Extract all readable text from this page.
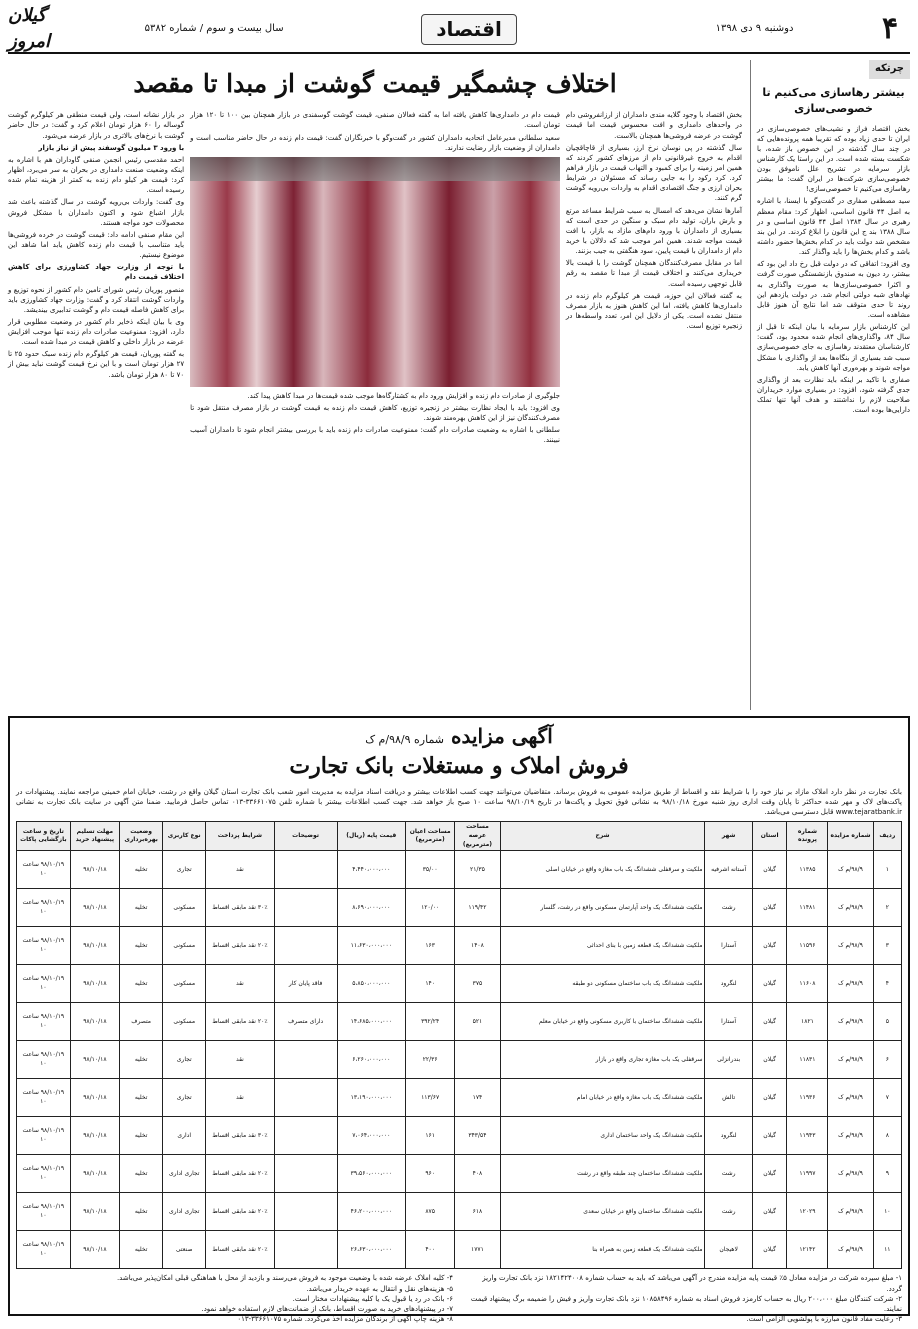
۴
دوشنبه ۹ دی ۱۳۹۸
اقتصاد
سال بیست و سوم / شماره ۵۳۸۲
گیلان امروز
چرتکه
بیشتر رهاسازی می‌کنیم تا خصوصی‌سازی

بخش اقتصاد فراز و نشیب‌های خصوصی‌سازی در ایران تا حدی زیاد بوده که تقریبا همه پرونده‌هایی که در چند سال گذشته در این خصوص باز شده، با شکست بسته شده است. در این راستا یک کارشناس بازار سرمایه در تشریح علل ناموفق بودن خصوصی‌سازی شرکت‌ها در ایران گفت: ما بیشتر رهاسازی می‌کنیم تا خصوصی‌سازی!

سید مصطفی صفاری در گفت‌وگو با ایسنا، با اشاره به اصل ۴۴ قانون اساسی، اظهار کرد: مقام معظم رهبری در سال ۱۳۸۴ اصل ۴۴ قانون اساسی و در سال ۱۳۸۸ بند ج این قانون را ابلاغ کردند. در این بند مشخص شد دولت باید در کدام بخش‌ها حضور داشته باشد و کدام بخش‌ها را باید واگذار کند.

وی افزود: اتفاقی که در دولت قبل رخ داد این بود که بیشتر، رد دیون به صندوق بازنشستگی صورت گرفت و اکثرا خصوصی‌سازی‌ها به صورت واگذاری به نهادهای شبه دولتی انجام شد. در دولت یازدهم این روند تا حدی متوقف شد اما نتایج آن هنوز قابل مشاهده است.

این کارشناس بازار سرمایه با بیان اینکه تا قبل از سال ۸۴، واگذاری‌های انجام شده محدود بود، گفت: کارشناسان معتقدند رهاسازی به جای خصوصی‌سازی سبب شد بسیاری از بنگاه‌ها بعد از واگذاری با مشکل مواجه شوند و بهره‌وری آنها کاهش یابد.

صفاری با تاکید بر اینکه باید نظارت بعد از واگذاری جدی گرفته شود، افزود: در بسیاری موارد خریداران صلاحیت لازم را نداشتند و هدف آنها تنها تملک دارایی‌ها بوده است.

اختلاف چشمگیر قیمت گوشت از مبدا تا مقصد

بخش اقتصاد با وجود گلایه‌ مندی دامداران از ارزانفروشی دام در واحدهای دامداری و افت محسوس قیمت اما قیمت گوشت در عرضه فروشی‌ها همچنان بالاست.

سال گذشته در پی نوسان نرخ ارز، بسیاری از قاچاقچیان اقدام به خروج غیرقانونی دام از مرزهای کشور کردند که همین امر زمینه را برای کمبود و التهاب قیمت در بازار فراهم کرد. کرد رکود را به جایی رساند که مسئولان در شرایط بحران ارزی و جنگ اقتصادی اقدام به واردات بی‌رویه گوشت گرم کنند.

آمارها نشان می‌دهد که امسال به سبب شرایط مساعد مرتع و بارش باران، تولید دام سبک و سنگین در حدی است که بسیاری از دامداران با ورود دام‌های مازاد به بازار، با افت قیمت مواجه شدند. همین امر موجب شد که دلالان با خرید دام از دامداران با قیمت پایین، سود هنگفتی به جیب بزنند.

اما در مقابل مصرف‌کنندگان همچنان گوشت را با قیمت بالا خریداری می‌کنند و اختلاف قیمت از مبدا تا مقصد به رقم قابل توجهی رسیده است.

به گفته فعالان این حوزه، قیمت هر کیلوگرم دام زنده در دامداری‌ها کاهش یافته، اما این کاهش هنوز به بازار مصرف منتقل نشده است. یکی از دلایل این امر، تعدد واسطه‌ها در زنجیره توزیع است.

قیمت دام در دامداری‌ها کاهش یافته اما به گفته فعالان صنفی، قیمت گوشت گوسفندی در بازار همچنان بین ۱۰۰ تا ۱۲۰ هزار تومان است.

سعید سلطانی مدیرعامل اتحادیه دامداران کشور در گفت‌وگو با خبرنگاران گفت: قیمت دام زنده در حال حاضر مناسب است و دامداران از وضعیت بازار رضایت ندارند.

جلوگیری از صادرات دام زنده و افزایش ورود دام به کشتارگاه‌ها موجب شده قیمت‌ها در مبدا کاهش پیدا کند.

وی افزود: باید با ایجاد نظارت بیشتر در زنجیره توزیع، کاهش قیمت دام زنده به قیمت گوشت در بازار مصرف منتقل شود تا مصرف‌کنندگان نیز از این کاهش بهره‌مند شوند.

سلطانی با اشاره به وضعیت صادرات دام گفت: ممنوعیت صادرات دام زنده باید با بررسی بیشتر انجام شود تا دامداران آسیب نبینند.

در بازار نشانه است، ولی قیمت منطقی هر کیلوگرم گوشت گوساله را ۶۰ هزار تومان اعلام کرد و گفت: در حال حاضر گوشت با نرخ‌های بالاتری در بازار عرضه می‌شود.

با ورود ۳ میلیون گوسفند پیش از نیاز بازار

احمد مقدسی رئیس انجمن صنفی گاوداران هم با اشاره به اینکه وضعیت صنعت دامداری در بحران به سر می‌برد، اظهار کرد: قیمت هر کیلو دام زنده به کمتر از هزینه تمام شده رسیده است.

وی گفت: واردات بی‌رویه گوشت در سال گذشته باعث شد بازار اشباع شود و اکنون دامداران با مشکل فروش محصولات خود مواجه هستند.

این مقام صنفی ادامه داد: قیمت گوشت در خرده فروشی‌ها باید متناسب با قیمت دام زنده کاهش یابد اما شاهد این موضوع نیستیم.

با توجه از وزارت جهاد کشاورزی برای کاهش اختلاف قیمت دام

منصور پوریان رئیس شورای تامین دام کشور از نحوه توزیع و واردات گوشت انتقاد کرد و گفت: وزارت جهاد کشاورزی باید برای کاهش فاصله قیمت دام و گوشت تدابیری بیندیشد.

وی با بیان اینکه ذخایر دام کشور در وضعیت مطلوبی قرار دارد، افزود: ممنوعیت صادرات دام زنده تنها موجب افزایش عرضه در بازار داخلی و کاهش قیمت در مبدا شده است.

به گفته پوریان، قیمت هر کیلوگرم دام زنده سبک حدود ۲۵ تا ۲۷ هزار تومان است و با این نرخ قیمت گوشت نباید بیش از ۷۰ تا ۸۰ هزار تومان باشد.

آگهی مزایده شماره ۹۸/۹/م ک
فروش املاک و مستغلات بانک تجارت
بانک تجارت در نظر دارد املاک مازاد بر نیاز خود را با شرایط نقد و اقساط از طریق مزایده عمومی به فروش برساند. متقاضیان می‌توانند جهت کسب اطلاعات بیشتر و دریافت اسناد مزایده به مدیریت امور شعب بانک تجارت استان گیلان واقع در رشت، خیابان امام خمینی مراجعه نمایند. پیشنهادات در پاکت‌های لاک و مهر شده حداکثر تا پایان وقت اداری روز شنبه مورخ ۹۸/۱۰/۱۸ به نشانی فوق تحویل و پاکت‌ها در تاریخ ۹۸/۱۰/۱۹ ساعت ۱۰ صبح باز خواهد شد. جهت کسب اطلاعات بیشتر با شماره تلفن ۳۳۶۶۱۰۷۵-۰۱۳ تماس حاصل فرمایید. ضمنا متن آگهی در سایت بانک تجارت به نشانی www.tejaratbank.ir قابل دسترسی می‌باشد.
ردیف	شماره مزایده	شماره پرونده	استان	شهر	شرح	مساحت عرصه (مترمربع)	مساحت اعیان (مترمربع)	قیمت پایه (ریال)	توضیحات	شرایط پرداخت	نوع کاربری	وضعیت بهره‌برداری	مهلت تسلیم پیشنهاد خرید	تاریخ و ساعت بازگشایی پاکات
۱	۹۸/۹/م ک	۱۱۳۸۵	گیلان	آستانه اشرفیه	ملکیت و سرقفلی ششدانگ یک باب مغازه واقع در خیابان اصلی	۲۱/۳۵	۳۵/۰۰	۴،۴۴۰،۰۰۰،۰۰۰		نقد	تجاری	تخلیه	۹۸/۱۰/۱۸	۹۸/۱۰/۱۹ ساعت ۱۰
۲	۹۸/۹/م ک	۱۱۴۸۱	گیلان	رشت	ملکیت ششدانگ یک واحد آپارتمان مسکونی واقع در رشت، گلسار	۱۱۹/۴۲	۱۲۰/۰۰	۸،۶۹۰،۰۰۰،۰۰۰		۳۰٪ نقد مابقی اقساط	مسکونی	تخلیه	۹۸/۱۰/۱۸	۹۸/۱۰/۱۹ ساعت ۱۰
۳	۹۸/۹/م ک	۱۱۵۹۶	گیلان	آستارا	ملکیت ششدانگ یک قطعه زمین با بنای احداثی	۱۴۰۸	۱۶۳	۱۱،۶۳۰،۰۰۰،۰۰۰		۲۰٪ نقد مابقی اقساط	مسکونی	تخلیه	۹۸/۱۰/۱۸	۹۸/۱۰/۱۹ ساعت ۱۰
۴	۹۸/۹/م ک	۱۱۶۰۸	گیلان	لنگرود	ملکیت ششدانگ یک باب ساختمان مسکونی دو طبقه	۳۷۵	۱۴۰	۵،۸۵۰،۰۰۰،۰۰۰	فاقد پایان کار	نقد	مسکونی	تخلیه	۹۸/۱۰/۱۸	۹۸/۱۰/۱۹ ساعت ۱۰
۵	۹۸/۹/م ک	۱۸۲۱	گیلان	آستارا	ملکیت ششدانگ ساختمان با کاربری مسکونی واقع در خیابان معلم	۵۲۱	۳۹۲/۲۴	۱۴،۶۸۵،۰۰۰،۰۰۰	دارای متصرف	۲۰٪ نقد مابقی اقساط	مسکونی	متصرف	۹۸/۱۰/۱۸	۹۸/۱۰/۱۹ ساعت ۱۰
۶	۹۸/۹/م ک	۱۱۸۳۱	گیلان	بندرانزلی	سرقفلی یک باب مغازه تجاری واقع در بازار		۲۲/۳۶	۶،۲۶۰،۰۰۰،۰۰۰		نقد	تجاری	تخلیه	۹۸/۱۰/۱۸	۹۸/۱۰/۱۹ ساعت ۱۰
۷	۹۸/۹/م ک	۱۱۹۳۶	گیلان	تالش	ملکیت ششدانگ یک باب مغازه واقع در خیابان امام	۱۷۴	۱۱۳/۶۷	۱۳،۱۹۰،۰۰۰،۰۰۰		نقد	تجاری	تخلیه	۹۸/۱۰/۱۸	۹۸/۱۰/۱۹ ساعت ۱۰
۸	۹۸/۹/م ک	۱۱۹۴۳	گیلان	لنگرود	ملکیت ششدانگ یک واحد ساختمان اداری	۳۴۳/۵۴	۱۶۱	۷،۰۶۴،۰۰۰،۰۰۰		۳۰٪ نقد مابقی اقساط	اداری	تخلیه	۹۸/۱۰/۱۸	۹۸/۱۰/۱۹ ساعت ۱۰
۹	۹۸/۹/م ک	۱۱۹۹۷	گیلان	رشت	ملکیت ششدانگ ساختمان چند طبقه واقع در رشت	۴۰۸	۹۶۰	۳۹،۵۶۰،۰۰۰،۰۰۰		۲۰٪ نقد مابقی اقساط	تجاری اداری	تخلیه	۹۸/۱۰/۱۸	۹۸/۱۰/۱۹ ساعت ۱۰
۱۰	۹۸/۹/م ک	۱۲۰۲۹	گیلان	رشت	ملکیت ششدانگ ساختمان واقع در خیابان سعدی	۶۱۸	۸۷۵	۴۶،۲۰۰،۰۰۰،۰۰۰		۲۰٪ نقد مابقی اقساط	تجاری اداری	تخلیه	۹۸/۱۰/۱۸	۹۸/۱۰/۱۹ ساعت ۱۰
۱۱	۹۸/۹/م ک	۱۲۱۴۲	گیلان	لاهیجان	ملکیت ششدانگ یک قطعه زمین به همراه بنا	۱۷۷۱	۴۰۰	۲۶،۶۳۰،۰۰۰،۰۰۰		۲۰٪ نقد مابقی اقساط	صنعتی	تخلیه	۹۸/۱۰/۱۸	۹۸/۱۰/۱۹ ساعت ۱۰

۱- مبلغ سپرده شرکت در مزایده معادل ۵٪ قیمت پایه مزایده مندرج در آگهی می‌باشد که باید به حساب شماره ۱۸۲۱۴۲۴۰۰۸ نزد بانک تجارت واریز گردد.

۲- شرکت کنندگان مبلغ ۲۰۰،۰۰۰ ریال به حساب کارمزد فروش اسناد به شماره ۱۰۸۵۸۴۹۶ نزد بانک تجارت واریز و فیش را ضمیمه برگ پیشنهاد قیمت نمایند.

۳- رعایت مفاد قانون مبارزه با پولشویی الزامی است.

۴- کلیه املاک عرضه شده با وضعیت موجود به فروش می‌رسند و بازدید از محل با هماهنگی قبلی امکان‌پذیر می‌باشد.

۵- هزینه‌های نقل و انتقال به عهده خریدار می‌باشد.

۶- بانک در رد یا قبول یک یا کلیه پیشنهادات مختار است.

۷- در پیشنهادهای خرید به صورت اقساط، بانک از ضمانت‌های لازم استفاده خواهد نمود.

۸- هزینه چاپ آگهی از برندگان مزایده اخذ می‌گردد. شماره ۳۳۶۶۱۰۷۵-۰۱۳
